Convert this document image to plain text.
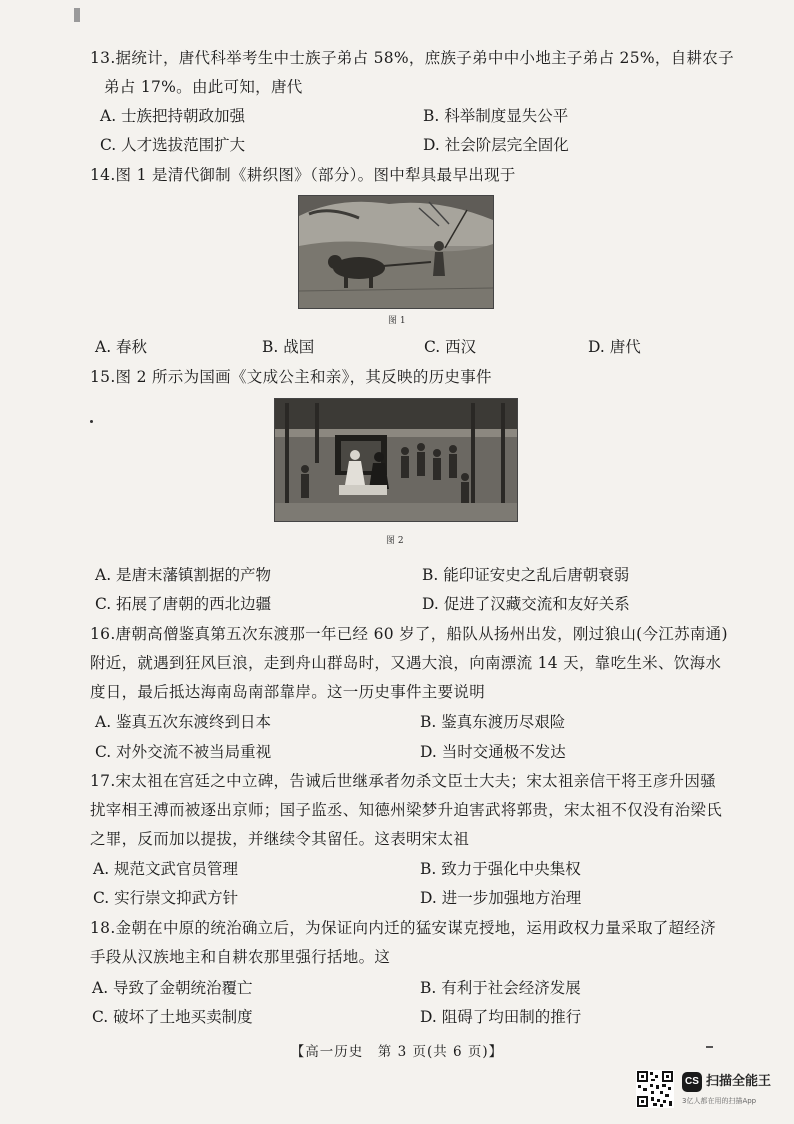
13.据统计，唐代科举考生中士族子弟占 58%，庶族子弟中中小地主子弟占 25%，自耕农子弟占 17%。由此可知，唐代
A. 士族把持朝政加强	B. 科举制度显失公平
C. 人才选拔范围扩大	D. 社会阶层完全固化
14.图 1 是清代御制《耕织图》（部分）。图中犁具最早出现于
图 1
A. 春秋	B. 战国	C. 西汉	D. 唐代
15.图 2 所示为国画《文成公主和亲》，其反映的历史事件
图 2
A. 是唐末藩镇割据的产物	B. 能印证安史之乱后唐朝衰弱
C. 拓展了唐朝的西北边疆	D. 促进了汉藏交流和友好关系
16.唐朝高僧鉴真第五次东渡那一年已经 60 岁了，船队从扬州出发，刚过狼山(今江苏南通)附近，就遇到狂风巨浪，走到舟山群岛时，又遇大浪，向南漂流 14 天，靠吃生米、饮海水度日，最后抵达海南岛南部靠岸。这一历史事件主要说明
A. 鉴真五次东渡终到日本	B. 鉴真东渡历尽艰险
C. 对外交流不被当局重视	D. 当时交通极不发达
17.宋太祖在宫廷之中立碑，告诫后世继承者勿杀文臣士大夫；宋太祖亲信干将王彦升因骚扰宰相王溥而被逐出京师；国子监丞、知德州梁梦升迫害武将郭贵，宋太祖不仅没有治梁氏之罪，反而加以提拔，并继续令其留任。这表明宋太祖
A. 规范文武官员管理	B. 致力于强化中央集权
C. 实行崇文抑武方针	D. 进一步加强地方治理
18.金朝在中原的统治确立后，为保证向内迁的猛安谋克授地，运用政权力量采取了超经济手段从汉族地主和自耕农那里强行括地。这
A. 导致了金朝统治覆亡	B. 有利于社会经济发展
C. 破坏了土地买卖制度	D. 阻碍了均田制的推行
【高一历史　第 3 页(共 6 页)】
CS 扫描全能王
3亿人都在用的扫描App
